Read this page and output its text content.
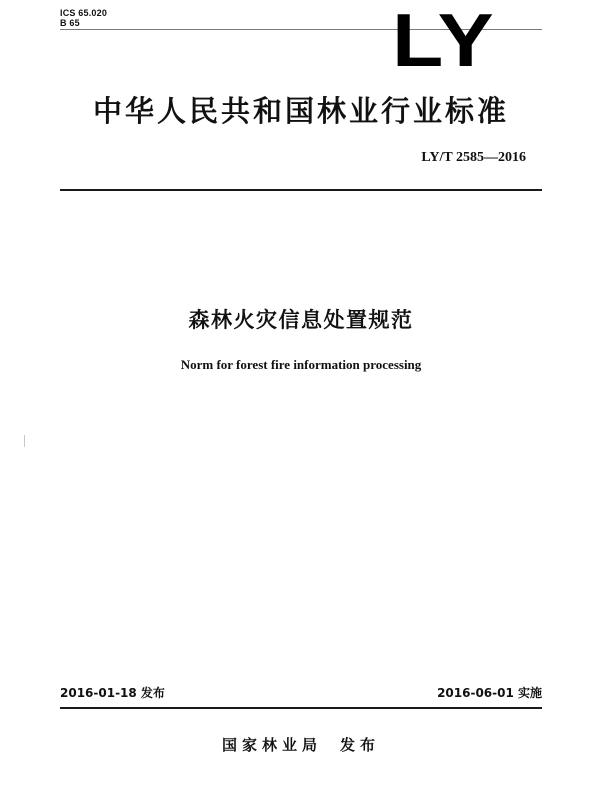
ICS 65.020
B 65	LY
中华人民共和国林业行业标准
LY/T 2585—2016
森林火灾信息处置规范
Norm for forest fire information processing
2016-01-18 发布	2016-06-01 实施
国家林业局 发布
